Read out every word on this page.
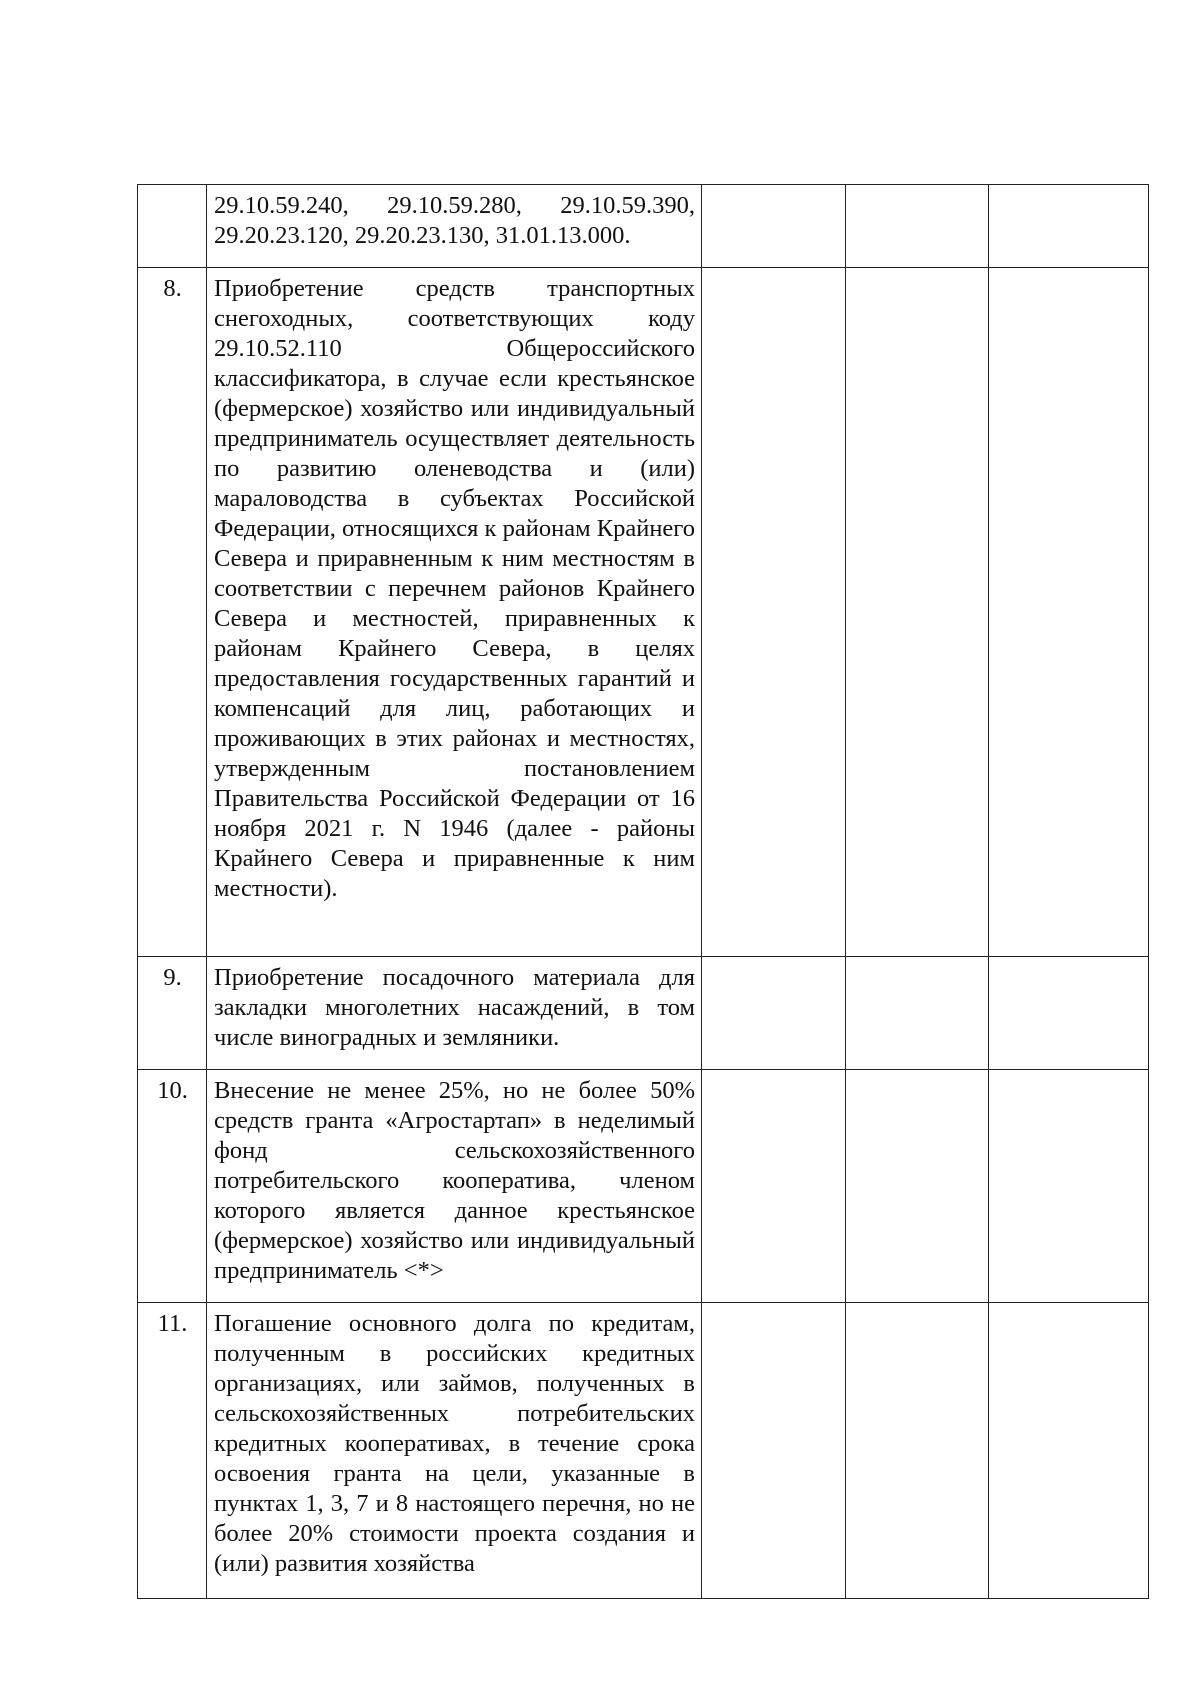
	29.10.59.240, 29.10.59.280, 29.10.59.390, 29.20.23.120, 29.20.23.130, 31.01.13.000.			
8.	Приобретение средств транспортных снегоходных, соответствующих коду 29.10.52.110 Общероссийского классификатора, в случае если крестьянское (фермерское) хозяйство или индивидуальный предприниматель осуществляет деятельность по развитию оленеводства и (или) мараловодства в субъектах Российской Федерации, относящихся к районам Крайнего Севера и приравненным к ним местностям в соответствии с перечнем районов Крайнего Севера и местностей, приравненных к районам Крайнего Севера, в целях предоставления государственных гарантий и компенсаций для лиц, работающих и проживающих в этих районах и местностях, утвержденным постановлением Правительства Российской Федерации от 16 ноября 2021 г. N 1946 (далее - районы Крайнего Севера и приравненные к ним местности).			
9.	Приобретение посадочного материала для закладки многолетних насаждений, в том числе виноградных и земляники.			
10.	Внесение не менее 25%, но не более 50% средств гранта «Агростартап» в неделимый фонд сельскохозяйственного потребительского кооператива, членом которого является данное крестьянское (фермерское) хозяйство или индивидуальный предприниматель <*>			
11.	Погашение основного долга по кредитам, полученным в российских кредитных организациях, или займов, полученных в сельскохозяйственных потребительских кредитных кооперативах, в течение срока освоения гранта на цели, указанные в пунктах 1, 3, 7 и 8 настоящего перечня, но не более 20% стоимости проекта создания и (или) развития хозяйства			
